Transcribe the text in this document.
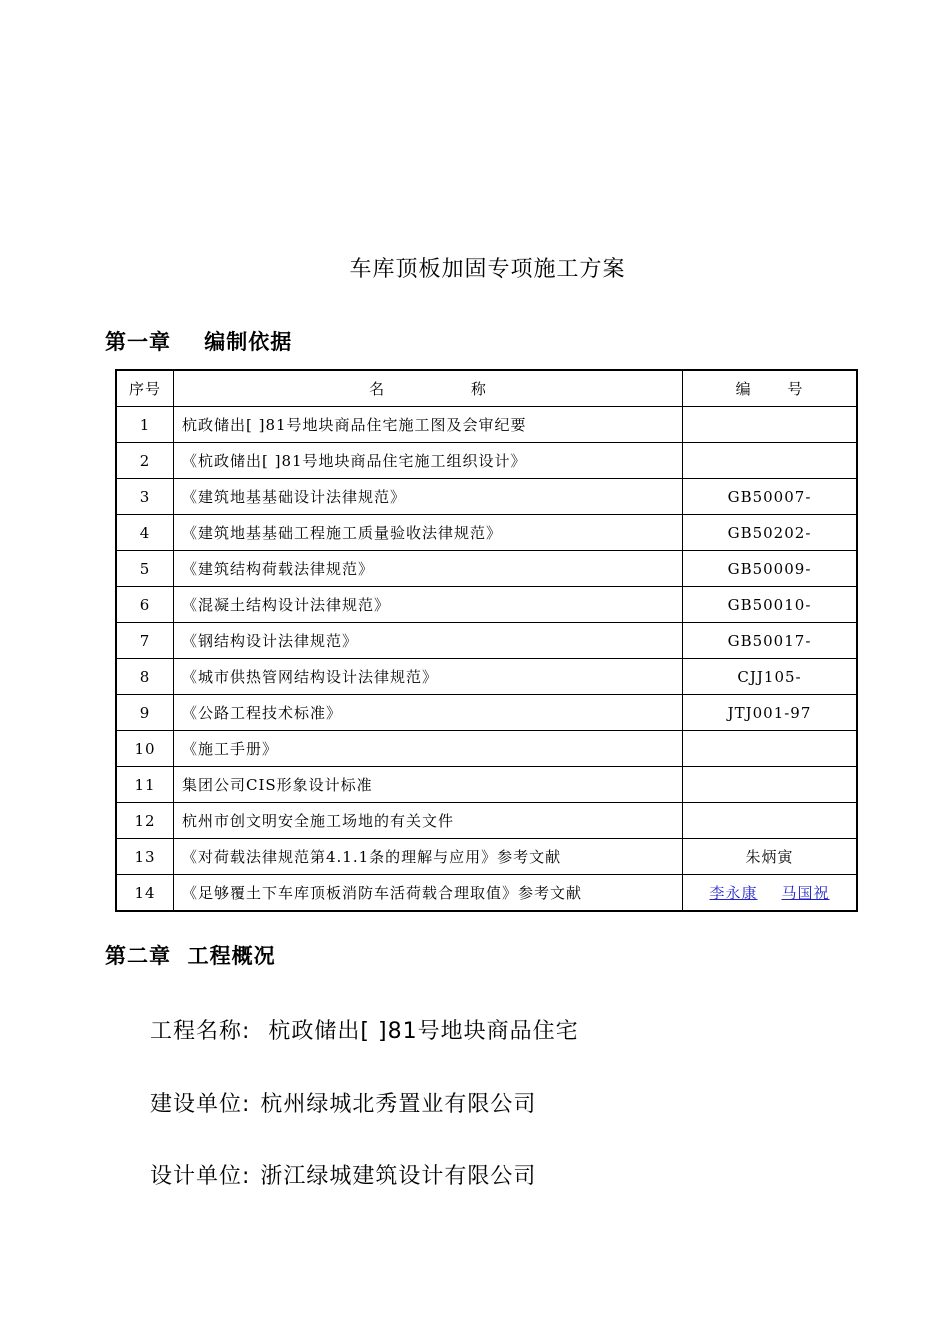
车库顶板加固专项施工方案
第一章    编制依据
序号	名 称	编 号
1	杭政储出[ ]81号地块商品住宅施工图及会审纪要	
2	《杭政储出[ ]81号地块商品住宅施工组织设计》	
3	《建筑地基基础设计法律规范》	GB50007-
4	《建筑地基基础工程施工质量验收法律规范》	GB50202-
5	《建筑结构荷载法律规范》	GB50009-
6	《混凝土结构设计法律规范》	GB50010-
7	《钢结构设计法律规范》	GB50017-
8	《城市供热管网结构设计法律规范》	CJJ105-
9	《公路工程技术标准》	JTJ001-97
10	《施工手册》	
11	集团公司CIS形象设计标准	
12	杭州市创文明安全施工场地的有关文件	
13	《对荷载法律规范第4.1.1条的理解与应用》参考文献	朱炳寅
14	《足够覆土下车库顶板消防车活荷载合理取值》参考文献	李永康 马国祝
第二章  工程概况
工程名称: 杭政储出[ ]81号地块商品住宅
建设单位: 杭州绿城北秀置业有限公司
设计单位: 浙江绿城建筑设计有限公司
